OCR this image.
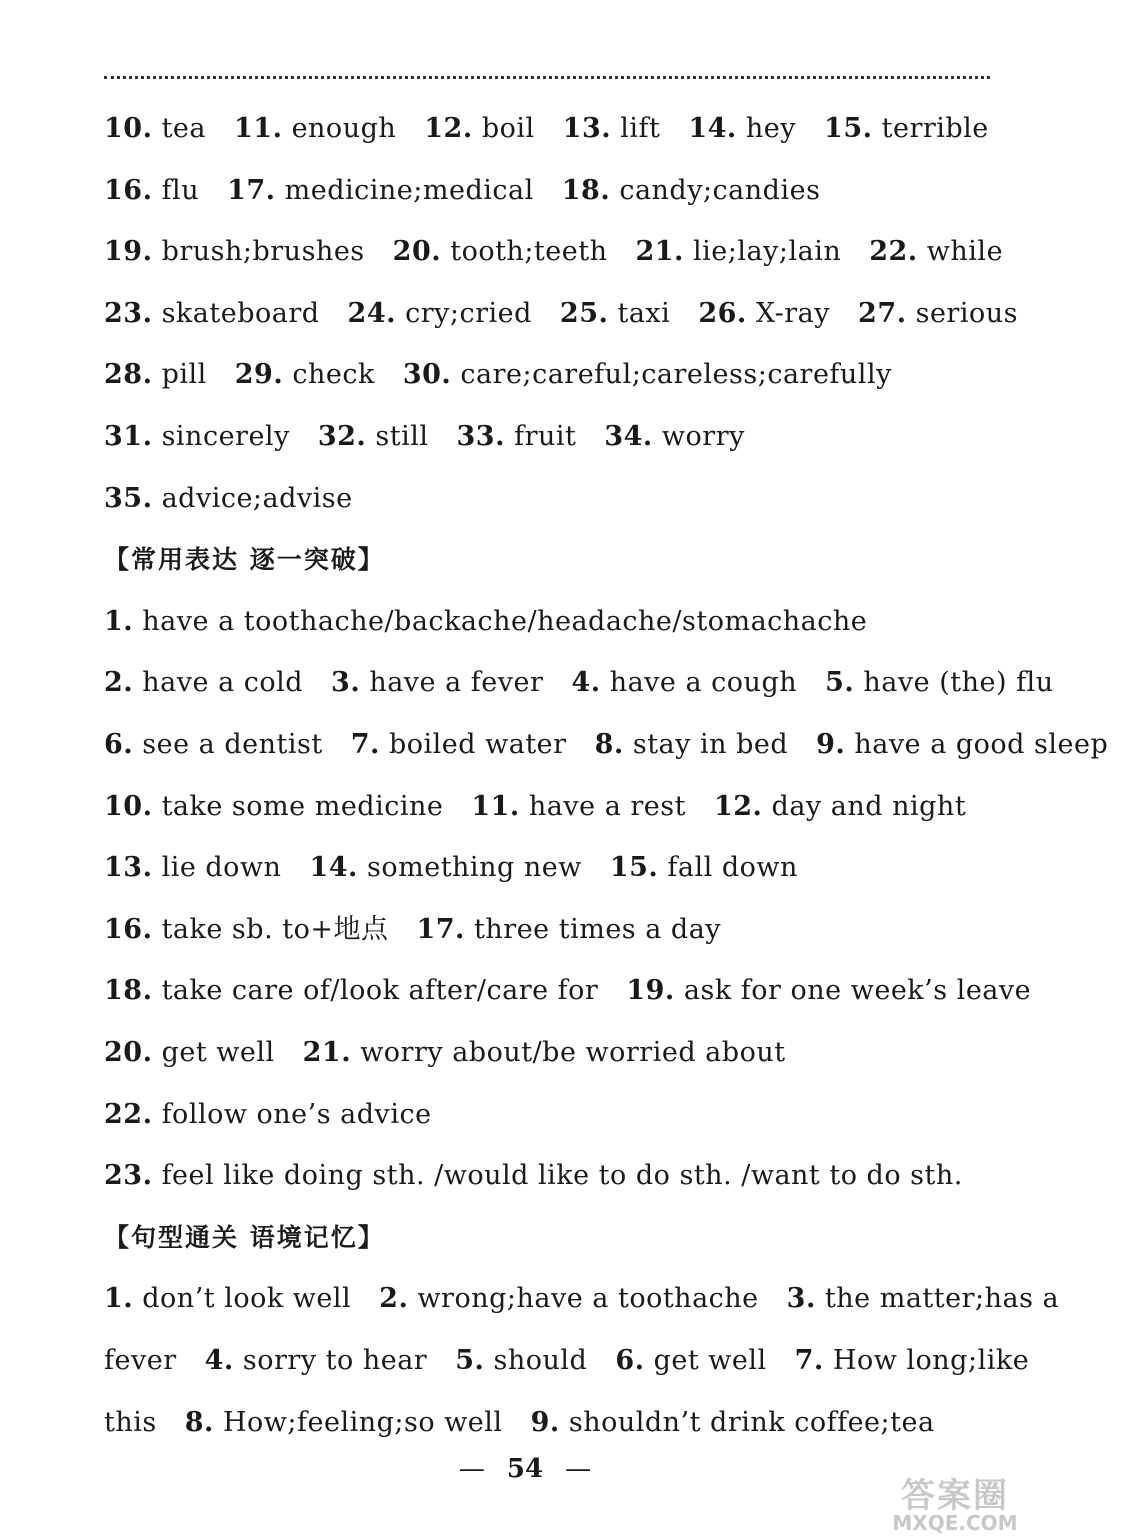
10. tea 11. enough 12. boil 13. lift 14. hey 15. terrible
16. flu 17. medicine;medical 18. candy;candies
19. brush;brushes 20. tooth;teeth 21. lie;lay;lain 22. while
23. skateboard 24. cry;cried 25. taxi 26. X-ray 27. serious
28. pill 29. check 30. care;careful;careless;carefully
31. sincerely 32. still 33. fruit 34. worry
35. advice;advise
【常用表达 逐一突破】
1. have a toothache/backache/headache/stomachache
2. have a cold 3. have a fever 4. have a cough 5. have (the) flu
6. see a dentist 7. boiled water 8. stay in bed 9. have a good sleep
10. take some medicine 11. have a rest 12. day and night
13. lie down 14. something new 15. fall down
16. take sb. to+地点 17. three times a day
18. take care of/look after/care for 19. ask for one week’s leave
20. get well 21. worry about/be worried about
22. follow one’s advice
23. feel like doing sth. /would like to do sth. /want to do sth.
【句型通关 语境记忆】
1. don’t look well 2. wrong;have a toothache 3. the matter;has a
fever 4. sorry to hear 5. should 6. get well 7. How long;like
this 8. How;feeling;so well 9. shouldn’t drink coffee;tea
— 54 —
答案圈
MXQE.COM
